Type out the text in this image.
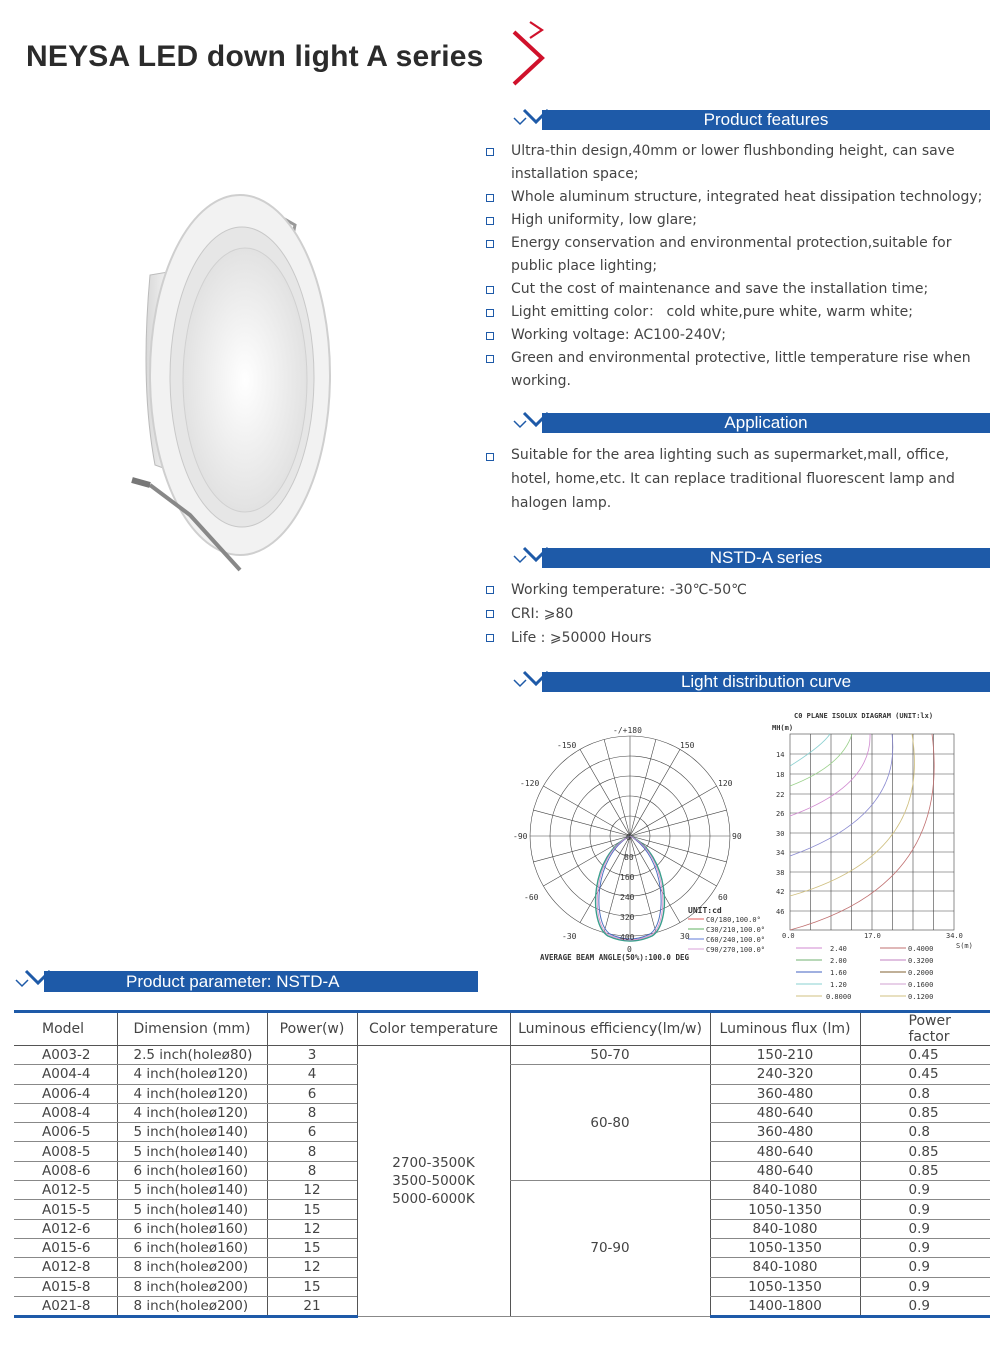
NEYSA LED down light A series
Product features
Ultra-thin design,40mm or lower flushbonding height, can save installation space;
Whole aluminum structure, integrated heat dissipation technology;
High uniformity, low glare;
Energy conservation and environmental protection,suitable for public place lighting;
Cut the cost of maintenance and save the installation time;
Light emitting color： cold white,pure white, warm white;
Working voltage: AC100-240V;
Green and environmental protective, little temperature rise when working.
Application
Suitable for the area lighting such as supermarket,mall, office, hotel, home,etc. It can replace traditional fluorescent lamp and halogen lamp.
NSTD-A series
Working temperature: -30℃-50℃
CRI: ⩾80
Life : ⩾50000 Hours
Light distribution curve
-/+180
-150	150
-120	120
-90	90
-60	60
-30	30
0
0
80
160
240
320
400
UNIT:cd
C0/180,100.0°
C30/210,100.0°
C60/240,100.0°
C90/270,100.0°
AVERAGE BEAM ANGLE(50%):100.0 DEG
C0 PLANE ISOLUX DIAGRAM (UNIT:lx)
MH(m)
14
18
22
26
30
34
38
42
46
0.0	17.0	34.0
S(m)
2.40
2.00
1.60
1.20
0.8000
0.4000
0.3200
0.2000
0.1600
0.1200
Product parameter: NSTD-A
Model	Dimension (mm)	Power(w)	Color temperature	Luminous efficiency(lm/w)	Luminous flux (lm)	Power factor
A003-2	2.5 inch(holeø80)	3	2700-3500K
3500-5000K
5000-6000K	50-70	150-210	0.45
A004-4	4 inch(holeø120)	4		60-80	240-320	0.45
A006-4	4 inch(holeø120)	6			360-480	0.8
A008-4	4 inch(holeø120)	8			480-640	0.85
A006-5	5 inch(holeø140)	6			360-480	0.8
A008-5	5 inch(holeø140)	8			480-640	0.85
A008-6	6 inch(holeø160)	8			480-640	0.85
A012-5	5 inch(holeø140)	12		70-90	840-1080	0.9
A015-5	5 inch(holeø140)	15			1050-1350	0.9
A012-6	6 inch(holeø160)	12			840-1080	0.9
A015-6	6 inch(holeø160)	15			1050-1350	0.9
A012-8	8 inch(holeø200)	12			840-1080	0.9
A015-8	8 inch(holeø200)	15			1050-1350	0.9
A021-8	8 inch(holeø200)	21			1400-1800	0.9
